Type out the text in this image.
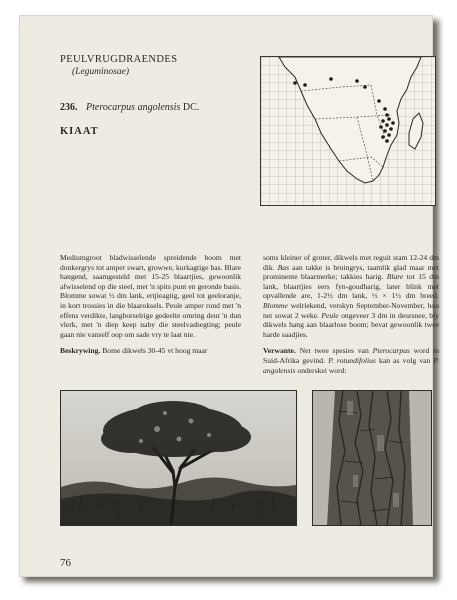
PEULVRUGDRAENDES
(Leguminosae)
236. Pterocarpus angolensis DC.
KIAAT

Mediumgroot bladwisselende spreidende boom met donkergrys tot amper swart, growwe, kurkagtige bas. Blare hangend, saamgesteld met 15-25 blaartjies, gewoonlik afwisselend op die steel, met 'n spits punt en geronde basis. Blomme sowat ½ dm lank, ertjieagtig, geel tot geeloranje, in kort trossies in die blaaroksels. Peule amper rond met 'n effens verdikte, langborselrige gedeelte omring deur 'n dun vlerk, met 'n diep keep naby die steelvashegting; peule gaan nie vanself oop om sade vry te laat nie.

Beskrywing. Bome dikwels 30-45 vt hoog maar

soms kleiner of groter, dikwels met reguit stam 12-24 dm dik. Bas aan takke is bruingrys, taamlik glad maar met prominente blaarmerke; takkies harig. Blare tot 15 dm lank, blaartjies eers fyn-goudharig, later blink met opvallende are, 1-2½ dm lank, ½ × 1½ dm breed. Blomme welriekend, verskyn September-November, hou net sowat 2 weke. Peule ongeveer 3 dm in deursnee, bly dikwels hang aan blaarlose boom; bevat gewoonlik twee harde saadjies.

Verwante. Net twee spesies van Pterocarpus word in Suid-Afrika gevind. P. rotundifolius kan as volg van P. angolensis onderskei word:

76
